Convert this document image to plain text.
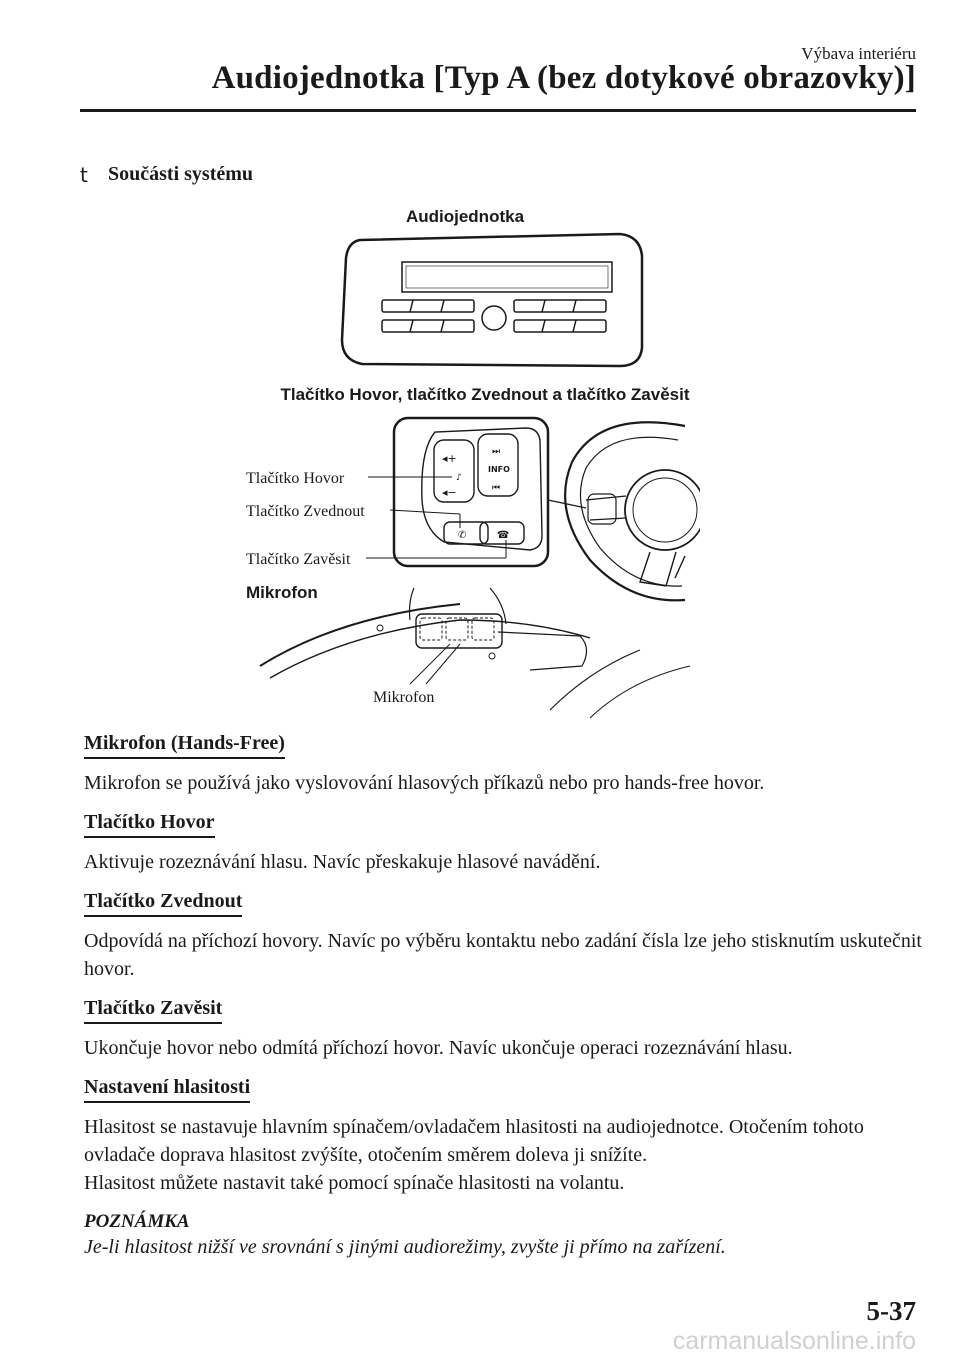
Výbava interiéru
Audiojednotka [Typ A (bez dotykové obrazovky)]
t Součásti systému
Audiojednotka
Tlačítko Hovor, tlačítko Zvednout a tlačítko Zavěsit
INFO
⏭
⏮
◂+
◂−
♪
✆	☎
Tlačítko Hovor
Tlačítko Zvednout
Tlačítko Zavěsit
Mikrofon
Mikrofon
Mikrofon (Hands-Free)

Mikrofon se používá jako vyslovování hlasových příkazů nebo pro hands-free hovor.

Tlačítko Hovor

Aktivuje rozeznávání hlasu. Navíc přeskakuje hlasové navádění.

Tlačítko Zvednout

Odpovídá na příchozí hovory. Navíc po výběru kontaktu nebo zadání čísla lze jeho stisknutím uskutečnit hovor.

Tlačítko Zavěsit

Ukončuje hovor nebo odmítá příchozí hovor. Navíc ukončuje operaci rozeznávání hlasu.

Nastavení hlasitosti

Hlasitost se nastavuje hlavním spínačem/ovladačem hlasitosti na audiojednotce. Otočením tohoto ovladače doprava hlasitost zvýšíte, otočením směrem doleva ji snížíte.
Hlasitost můžete nastavit také pomocí spínače hlasitosti na volantu.

POZNÁMKA
Je-li hlasitost nižší ve srovnání s jinými audiorežimy, zvyšte ji přímo na zařízení.
5-37
carmanualsonline.info
